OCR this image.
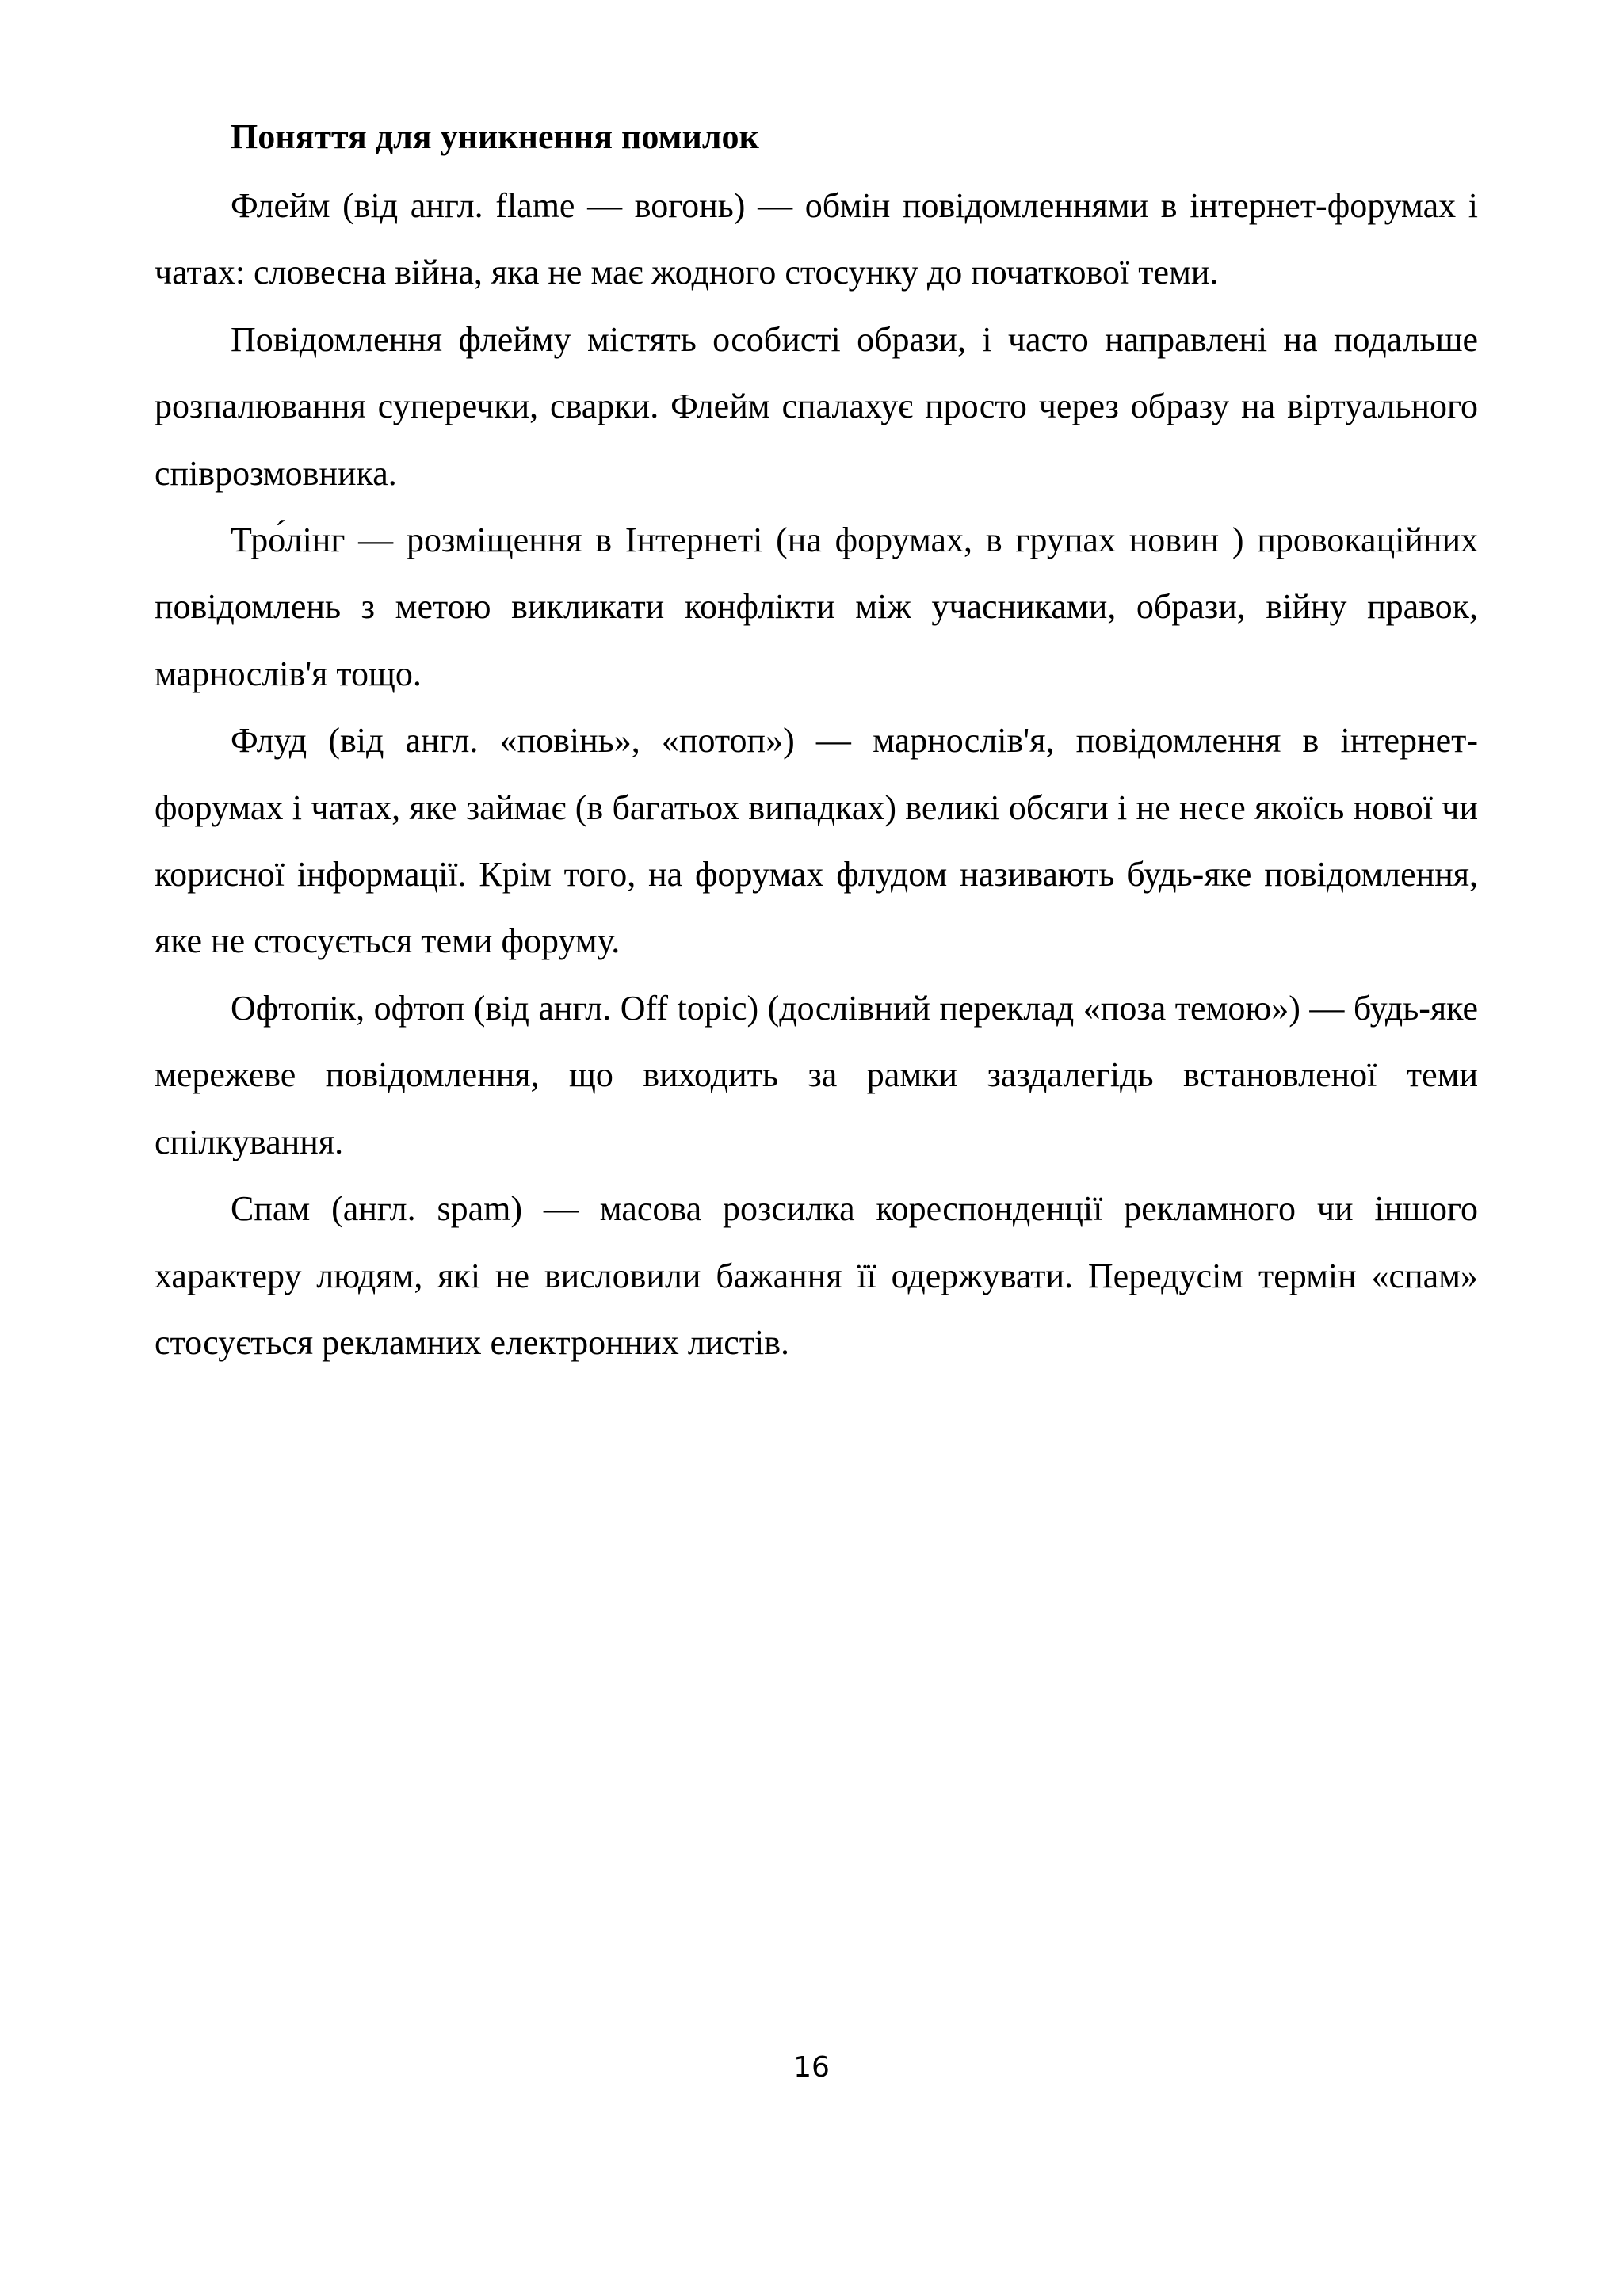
Поняття для уникнення помилок

Флейм (від англ. flame — вогонь) — обмін повідомленнями в інтернет-форумах і чатах: словесна війна, яка не має жодного стосунку до початкової теми.

Повідомлення флейму містять особисті образи, і часто направлені на подальше розпалювання суперечки, сварки. Флейм спалахує просто через образу на віртуального співрозмовника.

Тро́лінг — розміщення в Інтернеті (на форумах, в групах новин ) провокаційних повідомлень з метою викликати конфлікти між учасниками, образи, війну правок, марнослів'я тощо.

Флуд (від англ. «повінь», «потоп») — марнослів'я, повідомлення в інтернет-форумах і чатах, яке займає (в багатьох випадках) великі обсяги і не несе якоїсь нової чи корисної інформації. Крім того, на форумах флудом називають будь-яке повідомлення, яке не стосується теми форуму.

Офтопік, офтоп (від англ. Off topic) (дослівний переклад «поза темою») — будь-яке мережеве повідомлення, що виходить за рамки заздалегідь встановленої теми спілкування.

Спам (англ. spam) — масова розсилка кореспонденції рекламного чи іншого характеру людям, які не висловили бажання її одержувати. Передусім термін «спам» стосується рекламних електронних листів.

16
